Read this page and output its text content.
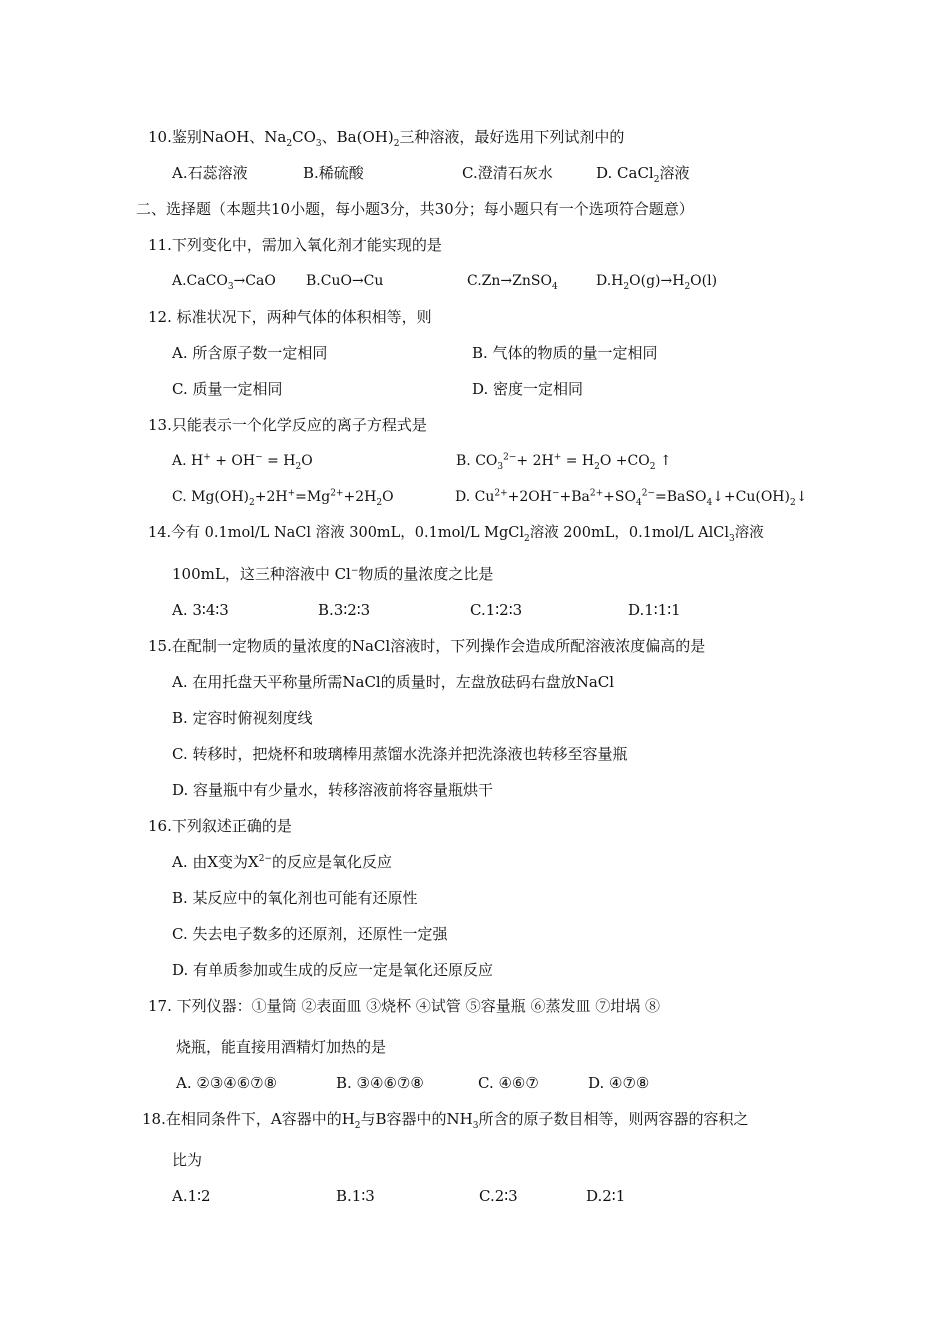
10.鉴别NaOH、$Na_2CO_3$、$Ba(OH)_2$三种溶液，最好选用下列试剂中的
A.石蕊溶液	B.稀硫酸	C.澄清石灰水	D. CaCl$_2$溶液
二、选择题（本题共10小题，每小题3分，共30分；每小题只有一个选项符合题意）
11.下列变化中，需加入氧化剂才能实现的是
A.CaCO$_3$→CaO B.CuO→Cu	C.Zn→ZnSO$_4$	$D.H_2O(g)\to H_2O(l)$
12. 标准状况下，两种气体的体积相等，则
A. 所含原子数一定相同	B. 气体的物质的量一定相同
C. 质量一定相同	D. 密度一定相同
13.只能表示一个化学反应的离子方程式是
A. $H^+ + OH^- = H_2O$	B. $CO_3^{2-}+ 2H^+ = H_2O +CO_2$ ↑
C. $Mg(OH)_2+2H^+=Mg^{2+}+2H_2O$	D. $Cu^{2+}+2OH^-+Ba^{2+}+SO_4^{2-}=BaSO_4↓+Cu(OH)_2↓$
14.今有 0.1mol/L NaCl 溶液 300mL，0.1mol/L MgCl$_2$溶液 200mL，0.1mol/L AlCl$_3$溶液
100mL，这三种溶液中 Cl−物质的量浓度之比是
A. 3∶4∶3	B.3∶2∶3	C.1∶2∶3	D.1∶1∶1
15.在配制一定物质的量浓度的NaCl溶液时，下列操作会造成所配溶液浓度偏高的是
A. 在用托盘天平称量所需NaCl的质量时，左盘放砝码右盘放NaCl
B. 定容时俯视刻度线
C. 转移时，把烧杯和玻璃棒用蒸馏水洗涤并把洗涤液也转移至容量瓶
D. 容量瓶中有少量水，转移溶液前将容量瓶烘干
16.下列叙述正确的是
A. 由X变为$X^{2-}$的反应是氧化反应
B. 某反应中的氧化剂也可能有还原性
C. 失去电子数多的还原剂，还原性一定强
D. 有单质参加或生成的反应一定是氧化还原反应
17. 下列仪器：①量筒 ②表面皿 ③烧杯 ④试管 ⑤容量瓶 ⑥蒸发皿 ⑦坩埚 ⑧
烧瓶，能直接用酒精灯加热的是
A. ②③④⑥⑦⑧	B. ③④⑥⑦⑧	C. ④⑥⑦	D. ④⑦⑧
18.在相同条件下，A容器中的$H_2$与B容器中的$NH_3$所含的原子数目相等，则两容器的容积之
比为
A.1∶2	B.1∶3	C.2∶3	D.2∶1
